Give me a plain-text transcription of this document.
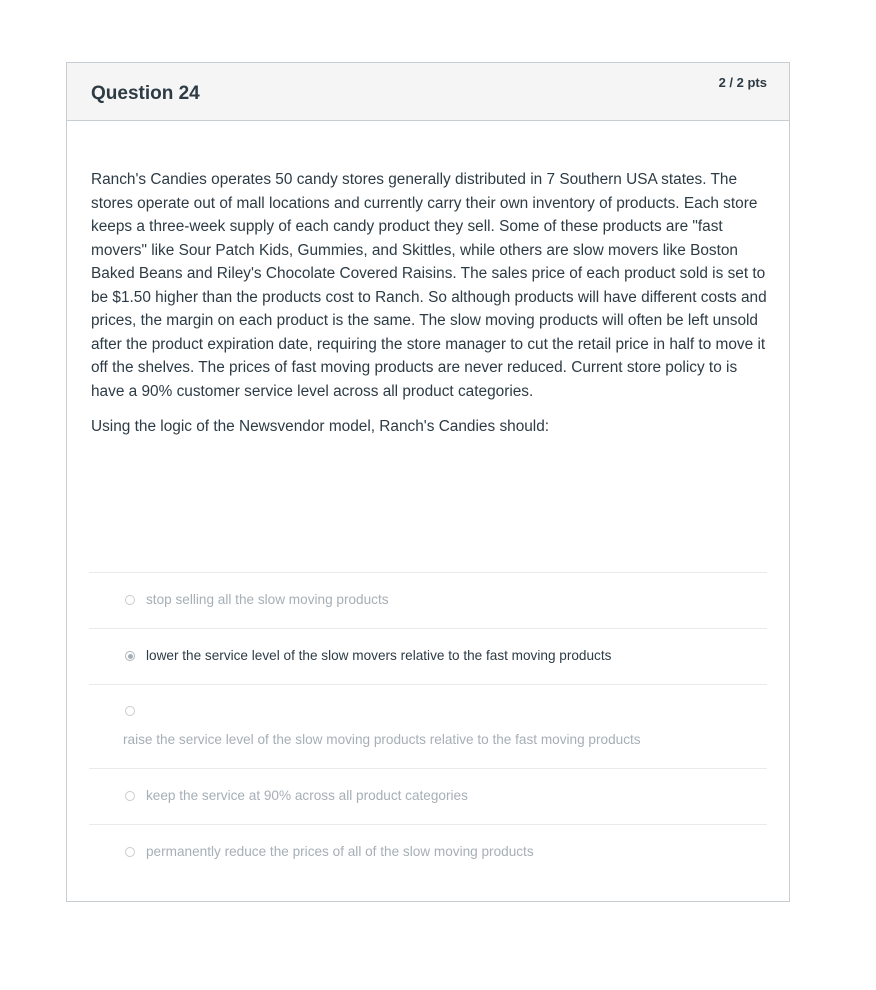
Question 24
2 / 2 pts

Ranch's Candies operates 50 candy stores generally distributed in 7 Southern USA states. The stores operate out of mall locations and currently carry their own inventory of products. Each store keeps a three-week supply of each candy product they sell. Some of these products are "fast movers" like Sour Patch Kids, Gummies, and Skittles, while others are slow movers like Boston Baked Beans and Riley's Chocolate Covered Raisins. The sales price of each product sold is set to be $1.50 higher than the products cost to Ranch. So although products will have different costs and prices, the margin on each product is the same. The slow moving products will often be left unsold after the product expiration date, requiring the store manager to cut the retail price in half to move it off the shelves. The prices of fast moving products are never reduced. Current store policy to is have a 90% customer service level across all product categories.

Using the logic of the Newsvendor model, Ranch's Candies should:

stop selling all the slow moving products
lower the service level of the slow movers relative to the fast moving products
raise the service level of the slow moving products relative to the fast moving products
keep the service at 90% across all product categories
permanently reduce the prices of all of the slow moving products
